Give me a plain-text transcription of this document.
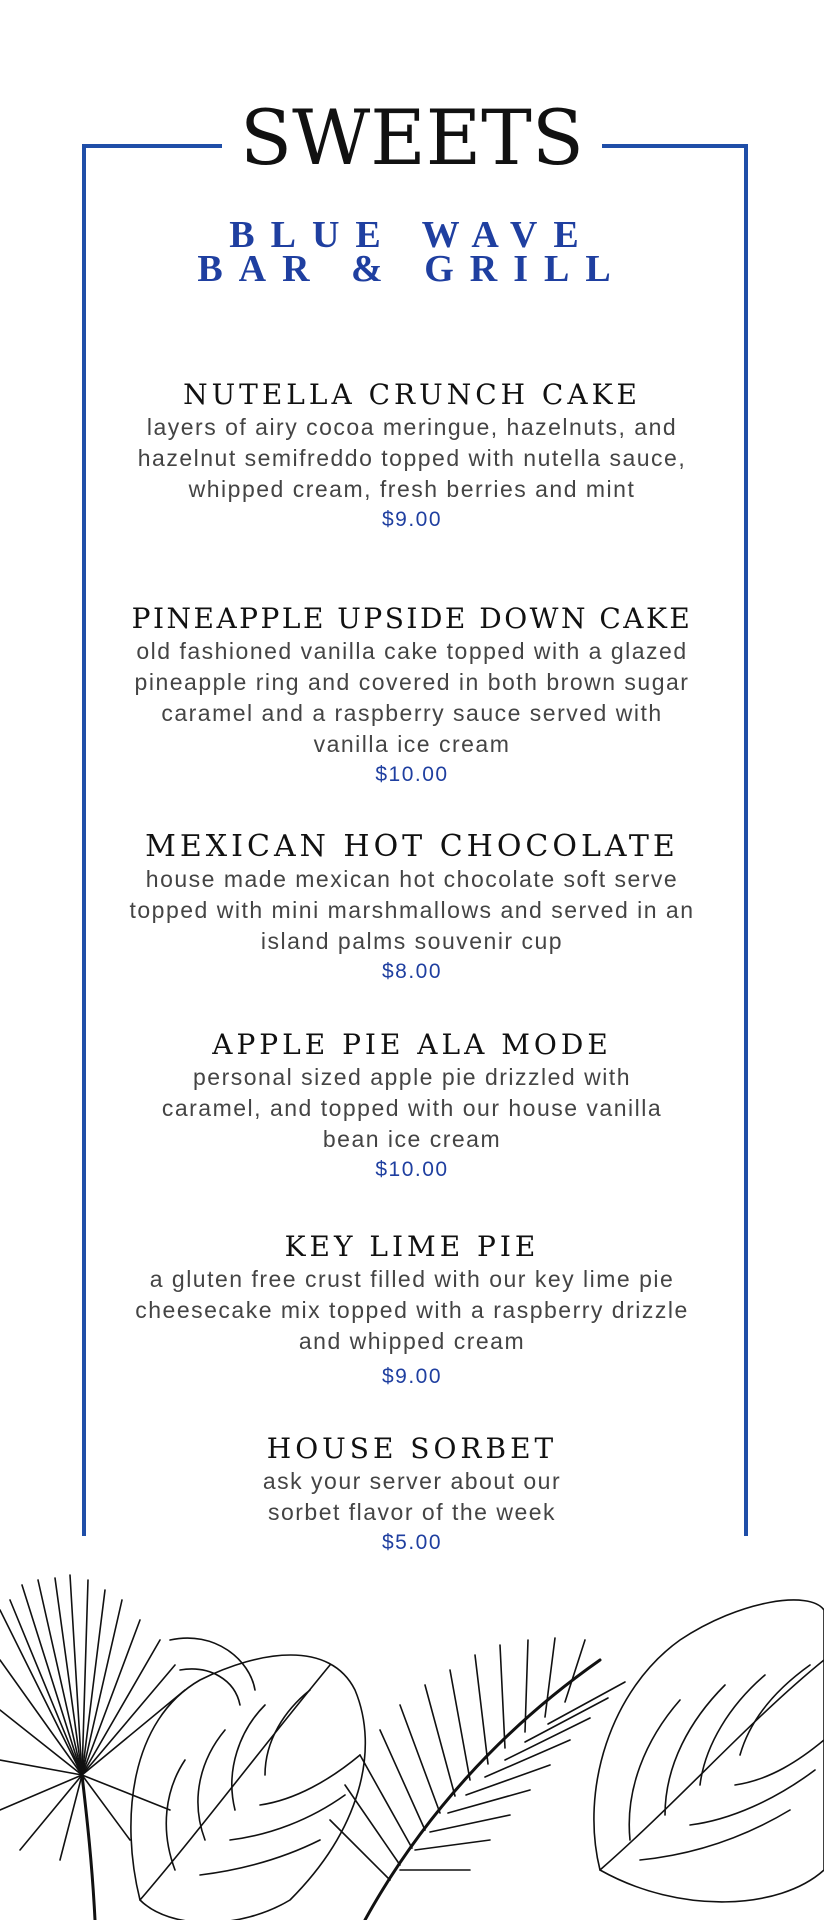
SWEETS
BLUE WAVE
BAR & GRILL
NUTELLA CRUNCH CAKE
layers of airy cocoa meringue, hazelnuts, and hazelnut semifreddo topped with nutella sauce, whipped cream, fresh berries and mint
$9.00
PINEAPPLE UPSIDE DOWN CAKE
old fashioned vanilla cake topped with a glazed pineapple ring and covered in both brown sugar caramel and a raspberry sauce served with vanilla ice cream
$10.00
MEXICAN HOT CHOCOLATE
house made mexican hot chocolate soft serve topped with mini marshmallows and served in an island palms souvenir cup
$8.00
APPLE PIE ALA MODE
personal sized apple pie drizzled with caramel, and topped with our house vanilla bean ice cream
$10.00
KEY LIME PIE
a gluten free crust filled with our key lime pie cheesecake mix topped with a raspberry drizzle and whipped cream
$9.00
HOUSE SORBET
ask your server about our sorbet flavor of the week
$5.00
